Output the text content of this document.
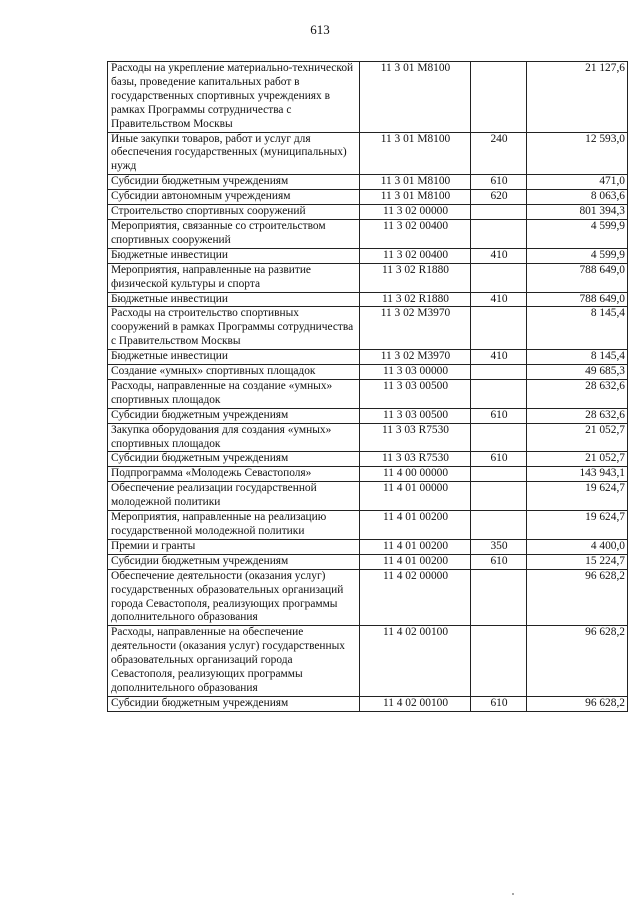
613
Расходы на укрепление материально-технической базы, проведение капитальных работ в государственных спортивных учреждениях в рамках Программы сотрудничества с Правительством Москвы	11 3 01 М8100		21 127,6
Иные закупки товаров, работ и услуг для обеспечения государственных (муниципальных) нужд	11 3 01 М8100	240	12 593,0
Субсидии бюджетным учреждениям	11 3 01 М8100	610	471,0
Субсидии автономным учреждениям	11 3 01 М8100	620	8 063,6
Строительство спортивных сооружений	11 3 02 00000		801 394,3
Мероприятия, связанные со строительством спортивных сооружений	11 3 02 00400		4 599,9
Бюджетные инвестиции	11 3 02 00400	410	4 599,9
Мероприятия, направленные на развитие физической культуры и спорта	11 3 02 R1880		788 649,0
Бюджетные инвестиции	11 3 02 R1880	410	788 649,0
Расходы на строительство спортивных сооружений в рамках Программы сотрудничества с Правительством Москвы	11 3 02 М3970		8 145,4
Бюджетные инвестиции	11 3 02 М3970	410	8 145,4
Создание «умных» спортивных площадок	11 3 03 00000		49 685,3
Расходы, направленные на создание «умных» спортивных площадок	11 3 03 00500		28 632,6
Субсидии бюджетным учреждениям	11 3 03 00500	610	28 632,6
Закупка оборудования для создания «умных» спортивных площадок	11 3 03 R7530		21 052,7
Субсидии бюджетным учреждениям	11 3 03 R7530	610	21 052,7
Подпрограмма «Молодежь Севастополя»	11 4 00 00000		143 943,1
Обеспечение реализации государственной молодежной политики	11 4 01 00000		19 624,7
Мероприятия, направленные на реализацию государственной молодежной политики	11 4 01 00200		19 624,7
Премии и гранты	11 4 01 00200	350	4 400,0
Субсидии бюджетным учреждениям	11 4 01 00200	610	15 224,7
Обеспечение деятельности (оказания услуг) государственных образовательных организаций города Севастополя, реализующих программы дополнительного образования	11 4 02 00000		96 628,2
Расходы, направленные на обеспечение деятельности (оказания услуг) государственных образовательных организаций города Севастополя, реализующих программы дополнительного образования	11 4 02 00100		96 628,2
Субсидии бюджетным учреждениям	11 4 02 00100	610	96 628,2
